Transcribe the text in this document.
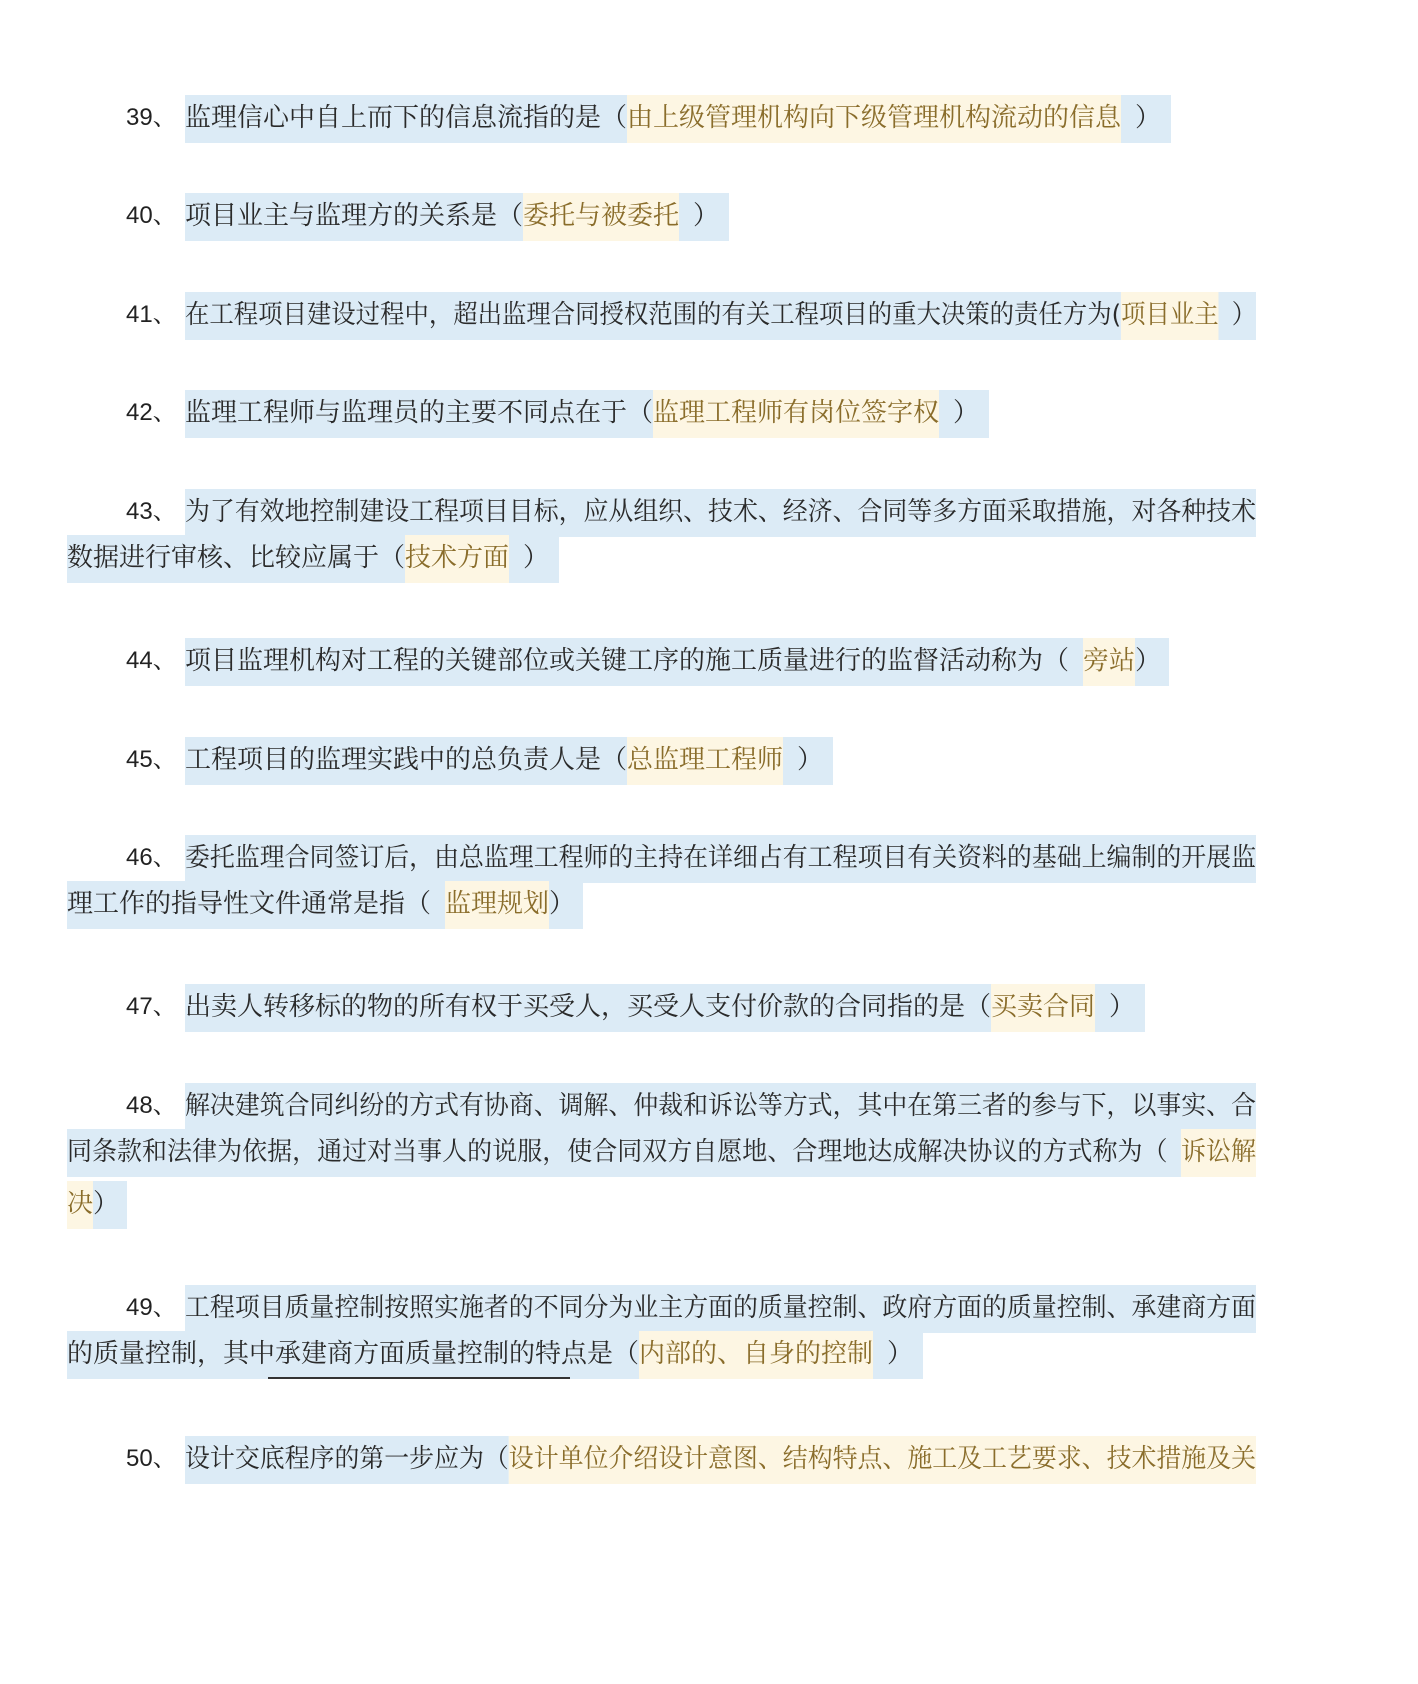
39、 监理信心中自上而下的信息流指的是（由上级管理机构向下级管理机构流动的信息 ）
40、 项目业主与监理方的关系是（委托与被委托 ）
41、 在工程项目建设过程中，超出监理合同授权范围的有关工程项目的重大决策的责任方为(项目业主 ）
42、 监理工程师与监理员的主要不同点在于（监理工程师有岗位签字权 ）
43、 为了有效地控制建设工程项目目标，应从组织、技术、经济、合同等多方面采取措施，对各种技术
数据进行审核、比较应属于（技术方面 ）
44、 项目监理机构对工程的关键部位或关键工序的施工质量进行的监督活动称为（ 旁站）
45、 工程项目的监理实践中的总负责人是（总监理工程师 ）
46、 委托监理合同签订后，由总监理工程师的主持在详细占有工程项目有关资料的基础上编制的开展监
理工作的指导性文件通常是指（ 监理规划）
47、 出卖人转移标的物的所有权于买受人，买受人支付价款的合同指的是（买卖合同 ）
48、 解决建筑合同纠纷的方式有协商、调解、仲裁和诉讼等方式，其中在第三者的参与下，以事实、合
同条款和法律为依据，通过对当事人的说服，使合同双方自愿地、合理地达成解决协议的方式称为（ 诉讼解
决）
49、 工程项目质量控制按照实施者的不同分为业主方面的质量控制、政府方面的质量控制、承建商方面
的质量控制，其中承建商方面质量控制的特点是（内部的、自身的控制 ）
50、 设计交底程序的第一步应为（设计单位介绍设计意图、结构特点、施工及工艺要求、技术措施及关
